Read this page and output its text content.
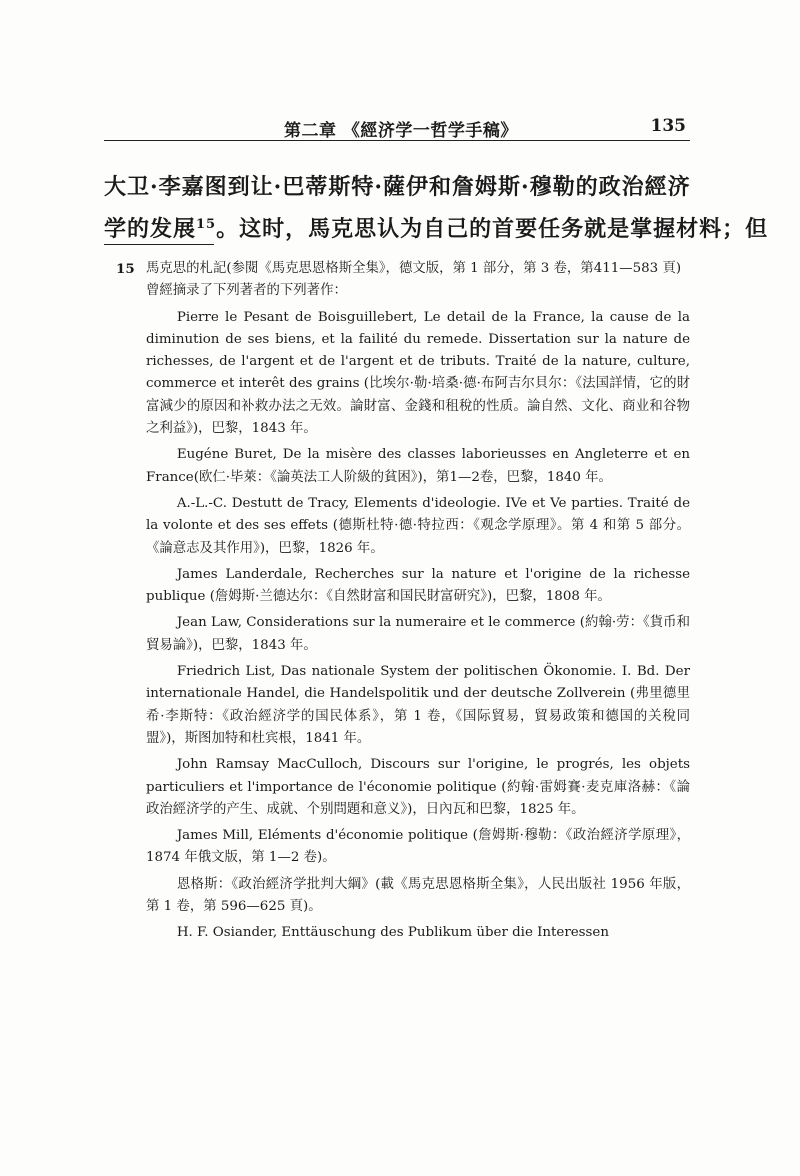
第二章 《經济学一哲学手稿》	135
大卫·李嘉图到让·巴蒂斯特·薩伊和詹姆斯·穆勒的政治經济
学的发展$^{15}$。这时，馬克思认为自己的首要任务就是掌握材料；但
15 馬克思的札記(参閱《馬克思恩格斯全集》，德文版，第 1 部分，第 3 卷，第411—583 頁)曾經摘录了下列著者的下列著作：

Pierre le Pesant de Boisguillebert, Le detail de la France, la cause de la diminution de ses biens, et la failité du remede. Dissertation sur la nature de richesses, de l'argent et de l'argent et de tributs. Traité de la nature, culture, commerce et interêt des grains (比埃尔·勒·培桑·德·布阿吉尔貝尔：《法国詳情，它的財富減少的原因和补救办法之无效。論財富、金錢和租稅的性质。論自然、文化、商业和谷物之利益》)，巴黎，1843 年。

Eugéne Buret, De la misère des classes laborieusses en Angleterre et en France(欧仁·毕萊：《論英法工人阶級的貧困》)，第1—2卷，巴黎，1840 年。

A.-L.-C. Destutt de Tracy, Elements d'ideologie. IVe et Ve parties. Traité de la volonte et des ses effets (德斯杜特·德·特拉西：《观念学原理》。第 4 和第 5 部分。《論意志及其作用》)，巴黎，1826 年。

James Landerdale, Recherches sur la nature et l'origine de la richesse publique (詹姆斯·兰德达尔：《自然財富和国民財富研究》)，巴黎，1808 年。

Jean Law, Considerations sur la numeraire et le commerce (約翰·劳：《貨币和貿易論》)，巴黎，1843 年。

Friedrich List, Das nationale System der politischen Ökonomie. I. Bd. Der internationale Handel, die Handelspolitik und der deutsche Zollverein (弗里德里希·李斯特：《政治經济学的国民体系》，第 1 卷，《国际貿易，貿易政策和德国的关稅同盟》)，斯图加特和杜宾根，1841 年。

John Ramsay MacCulloch, Discours sur l'origine, le progrés, les objets particuliers et l'importance de l'économie politique (約翰·雷姆賽·麦克庫洛赫：《論政治經济学的产生、成就、个别問題和意义》)，日內瓦和巴黎，1825 年。

James Mill, Eléments d'économie politique (詹姆斯·穆勒：《政治經济学原理》，1874 年俄文版，第 1—2 卷)。

恩格斯：《政治經济学批判大綱》(載《馬克思恩格斯全集》，人民出版社 1956 年版，第 1 卷，第 596—625 頁)。

H. F. Osiander, Enttäuschung des Publikum über die Interessen
